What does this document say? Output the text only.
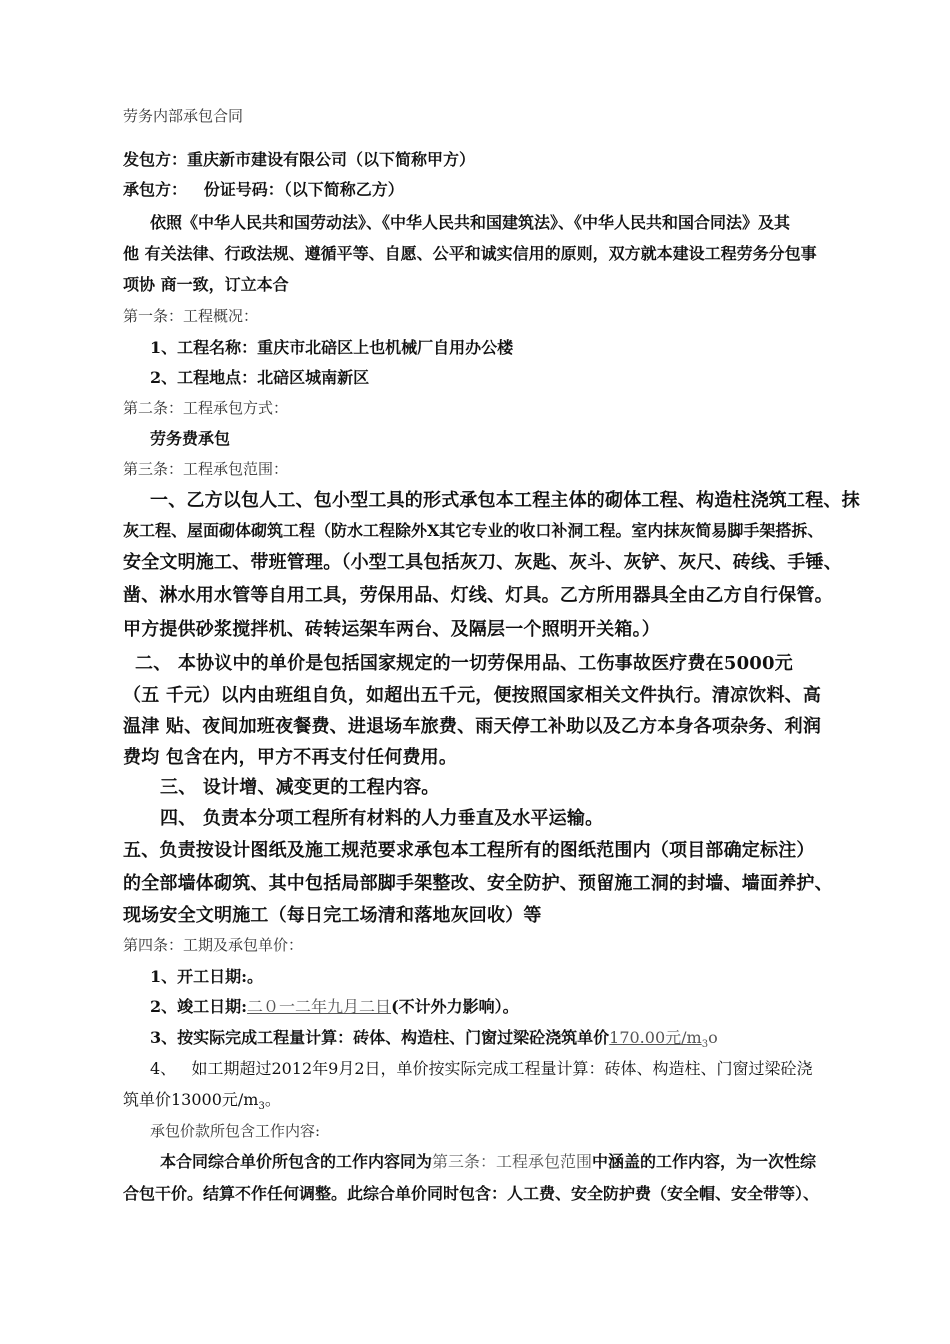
劳务内部承包合同

发包方：重庆新市建设有限公司（以下简称甲方）

承包方：   份证号码：（以下简称乙方）

依照《中华人民共和国劳动法》、《中华人民共和国建筑法》、《中华人民共和国合同法》及其

他 有关法律、行政法规、遵循平等、自愿、公平和诚实信用的原则，双方就本建设工程劳务分包事

项协 商一致，订立本合

第一条：工程概况：

1、工程名称：重庆市北碚区上也机械厂自用办公楼

2、工程地点：北碚区城南新区

第二条：工程承包方式：

劳务费承包

第三条：工程承包范围：

一、乙方以包人工、包小型工具的形式承包本工程主体的砌体工程、构造柱浇筑工程、抹

灰工程、屋面砌体砌筑工程（防水工程除外X其它专业的收口补洞工程。室内抹灰简易脚手架搭拆、

安全文明施工、带班管理。（小型工具包括灰刀、灰匙、灰斗、灰铲、灰尺、砖线、手锤、

凿、淋水用水管等自用工具，劳保用品、灯线、灯具。乙方所用器具全由乙方自行保管。

甲方提供砂浆搅拌机、砖转运架车两台、及隔层一个照明开关箱。）

二、 本协议中的单价是包括国家规定的一切劳保用品、工伤事故医疗费在5000元

（五 千元）以内由班组自负，如超出五千元，便按照国家相关文件执行。清凉饮料、高

温津 贴、夜间加班夜餐费、进退场车旅费、雨天停工补助以及乙方本身各项杂务、利润

费均 包含在内，甲方不再支付任何费用。

三、 设计增、减变更的工程内容。

四、 负责本分项工程所有材料的人力垂直及水平运输。

五、负责按设计图纸及施工规范要求承包本工程所有的图纸范围内（项目部确定标注）

的全部墙体砌筑、其中包括局部脚手架整改、安全防护、预留施工洞的封墙、墙面养护、

现场安全文明施工（每日完工场清和落地灰回收）等

第四条：工期及承包单价：

1、开工日期:。

2、竣工日期:二０一二年九月二日(不计外力影响）。

3、按实际完成工程量计算：砖体、构造柱、门窗过梁砼浇筑单价170.00元$/m_3o$

4、   如工期超过2012年9月2日，单价按实际完成工程量计算：砖体、构造柱、门窗过梁砼浇

筑单价13000元$/m_3$。

承包价款所包含工作内容:

本合同综合单价所包含的工作内容同为第三条：工程承包范围中涵盖的工作内容，为一次性综

合包干价。结算不作任何调整。此综合单价同时包含：人工费、安全防护费（安全帽、安全带等）、
